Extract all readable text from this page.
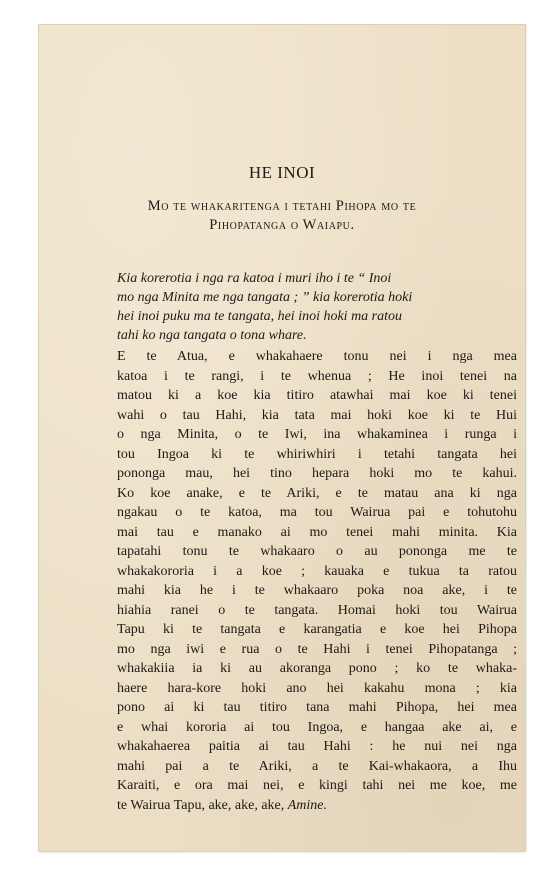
HE INOI

Mo te whakaritenga i tetahi Pihopa mo te
Pihopatanga o Waiapu.

Kia korerotia i nga ra katoa i muri iho i te “ Inoi
mo nga Minita me nga tangata ; ” kia korerotia hoki
hei inoi puku ma te tangata, hei inoi hoki ma ratou
tahi ko nga tangata o tona whare.

E te Atua, e whakahaere tonu nei i nga mea
katoa i te rangi, i te whenua ; He inoi tenei na
matou ki a koe kia titiro atawhai mai koe ki tenei
wahi o tau Hahi, kia tata mai hoki koe ki te Hui
o nga Minita, o te Iwi, ina whakaminea i runga i
tou Ingoa ki te whiriwhiri i tetahi tangata hei
pononga mau, hei tino hepara hoki mo te kahui.
Ko koe anake, e te Ariki, e te matau ana ki nga
ngakau o te katoa, ma tou Wairua pai e tohutohu
mai tau e manako ai mo tenei mahi minita. Kia
tapatahi tonu te whakaaro o au pononga me te
whakakororia i a koe ; kauaka e tukua ta ratou
mahi kia he i te whakaaro poka noa ake, i te
hiahia ranei o te tangata. Homai hoki tou Wairua
Tapu ki te tangata e karangatia e koe hei Pihopa
mo nga iwi e rua o te Hahi i tenei Pihopatanga ;
whakakiia ia ki au akoranga pono ; ko te whaka-
haere hara-kore hoki ano hei kakahu mona ; kia
pono ai ki tau titiro tana mahi Pihopa, hei mea
e whai kororia ai tou Ingoa, e hangaa ake ai, e
whakahaerea paitia ai tau Hahi : he nui nei nga
mahi pai a te Ariki, a te Kai-whakaora, a Ihu
Karaiti, e ora mai nei, e kingi tahi nei me koe, me
te Wairua Tapu, ake, ake, ake, Amine.
